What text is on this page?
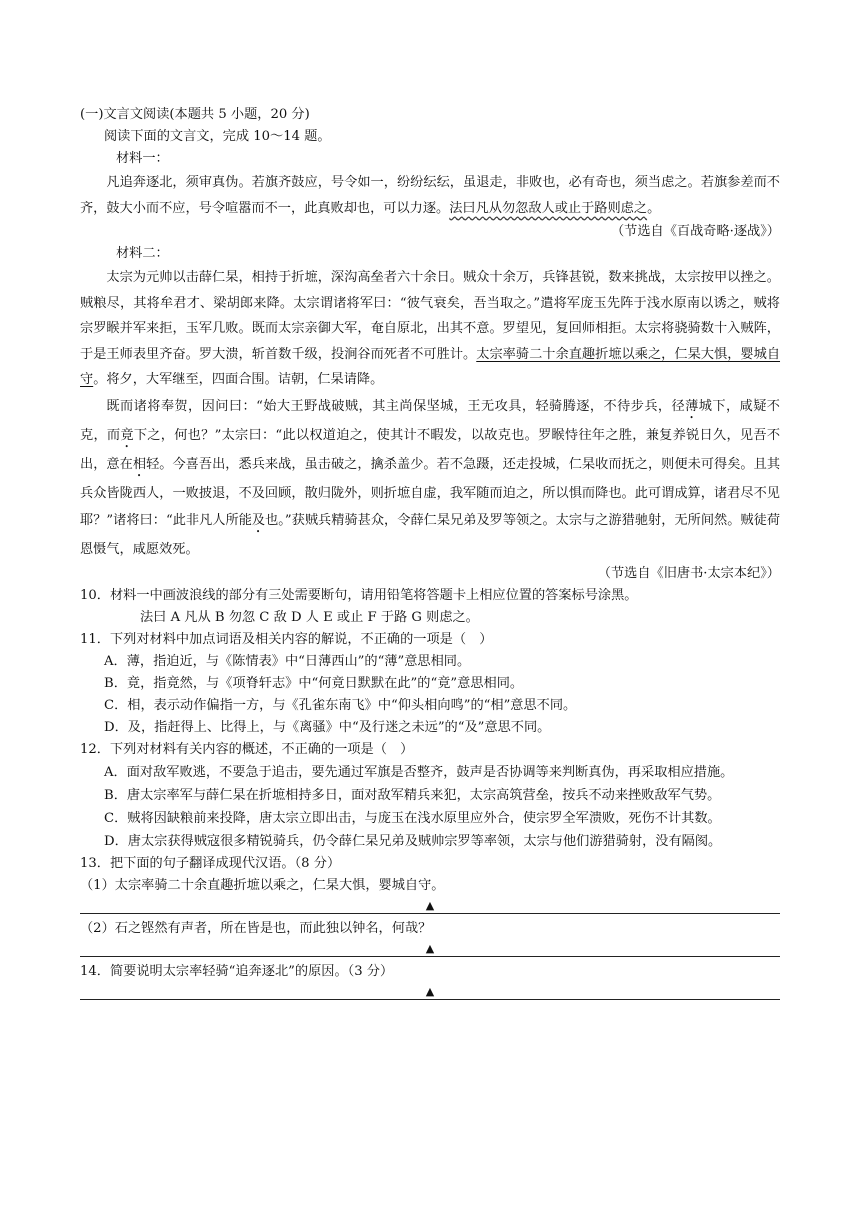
(一)文言文阅读(本题共 5 小题，20 分)
阅读下面的文言文，完成 10～14 题。
材料一：

凡追奔逐北，须审真伪。若旗齐鼓应，号令如一，纷纷纭纭，虽退走，非败也，必有奇也，须当虑之。若旗参差而不齐，鼓大小而不应，号令喧嚣而不一，此真败却也，可以力逐。法曰凡从勿忽敌人或止于路则虑之。

（节选自《百战奇略·逐战》）
材料二：

太宗为元帅以击薛仁杲，相持于折墌，深沟高垒者六十余日。贼众十余万，兵锋甚锐，数来挑战，太宗按甲以挫之。贼粮尽，其将牟君才、梁胡郎来降。太宗谓诸将军曰：“彼气衰矣，吾当取之。”遣将军庞玉先阵于浅水原南以诱之，贼将宗罗睺并军来拒，玉军几败。既而太宗亲御大军，奄自原北，出其不意。罗望见，复回师相拒。太宗将骁骑数十入贼阵，于是王师表里齐奋。罗大溃，斩首数千级，投涧谷而死者不可胜计。太宗率骑二十余直趣折墌以乘之，仁杲大惧，婴城自守。将夕，大军继至，四面合围。诘朝，仁杲请降。

既而诸将奉贺，因问曰：“始大王野战破贼，其主尚保坚城，王无攻具，轻骑腾逐，不待步兵，径薄城下，咸疑不克，而竟下之，何也？”太宗曰：“此以权道迫之，使其计不暇发，以故克也。罗睺恃往年之胜，兼复养锐日久，见吾不出，意在相轻。今喜吾出，悉兵来战，虽击破之，擒杀盖少。若不急蹑，还走投城，仁杲收而抚之，则便未可得矣。且其兵众皆陇西人，一败披退，不及回顾，散归陇外，则折墌自虚，我军随而迫之，所以惧而降也。此可谓成算，诸君尽不见耶？”诸将曰：“此非凡人所能及也。”获贼兵精骑甚众，令薛仁杲兄弟及罗等领之。太宗与之游猎驰射，无所间然。贼徒荷恩慑气，咸愿效死。

（节选自《旧唐书·太宗本纪》）
10．材料一中画波浪线的部分有三处需要断句，请用铅笔将答题卡上相应位置的答案标号涂黑。
法曰 A 凡从 B 勿忽 C 敌 D 人 E 或止 F 于路 G 则虑之。
11．下列对材料中加点词语及相关内容的解说，不正确的一项是（　）
A．薄，指迫近，与《陈情表》中“日薄西山”的“薄”意思相同。
B．竟，指竟然，与《项脊轩志》中“何竟日默默在此”的“竟”意思相同。
C．相，表示动作偏指一方，与《孔雀东南飞》中“仰头相向鸣”的“相”意思不同。
D．及，指赶得上、比得上，与《离骚》中“及行迷之未远”的“及”意思不同。
12．下列对材料有关内容的概述，不正确的一项是（　）
A．面对敌军败逃，不要急于追击，要先通过军旗是否整齐，鼓声是否协调等来判断真伪，再采取相应措施。
B．唐太宗率军与薛仁杲在折墌相持多日，面对敌军精兵来犯，太宗高筑营垒，按兵不动来挫败敌军气势。
C．贼将因缺粮前来投降，唐太宗立即出击，与庞玉在浅水原里应外合，使宗罗全军溃败，死伤不计其数。
D．唐太宗获得贼寇很多精锐骑兵，仍令薛仁杲兄弟及贼帅宗罗等率领，太宗与他们游猎骑射，没有隔阂。
13．把下面的句子翻译成现代汉语。（8 分）
（1）太宗率骑二十余直趣折墌以乘之，仁杲大惧，婴城自守。
▲
（2）石之铿然有声者，所在皆是也，而此独以钟名，何哉？
▲
14．简要说明太宗率轻骑“追奔逐北”的原因。（3 分）
▲
